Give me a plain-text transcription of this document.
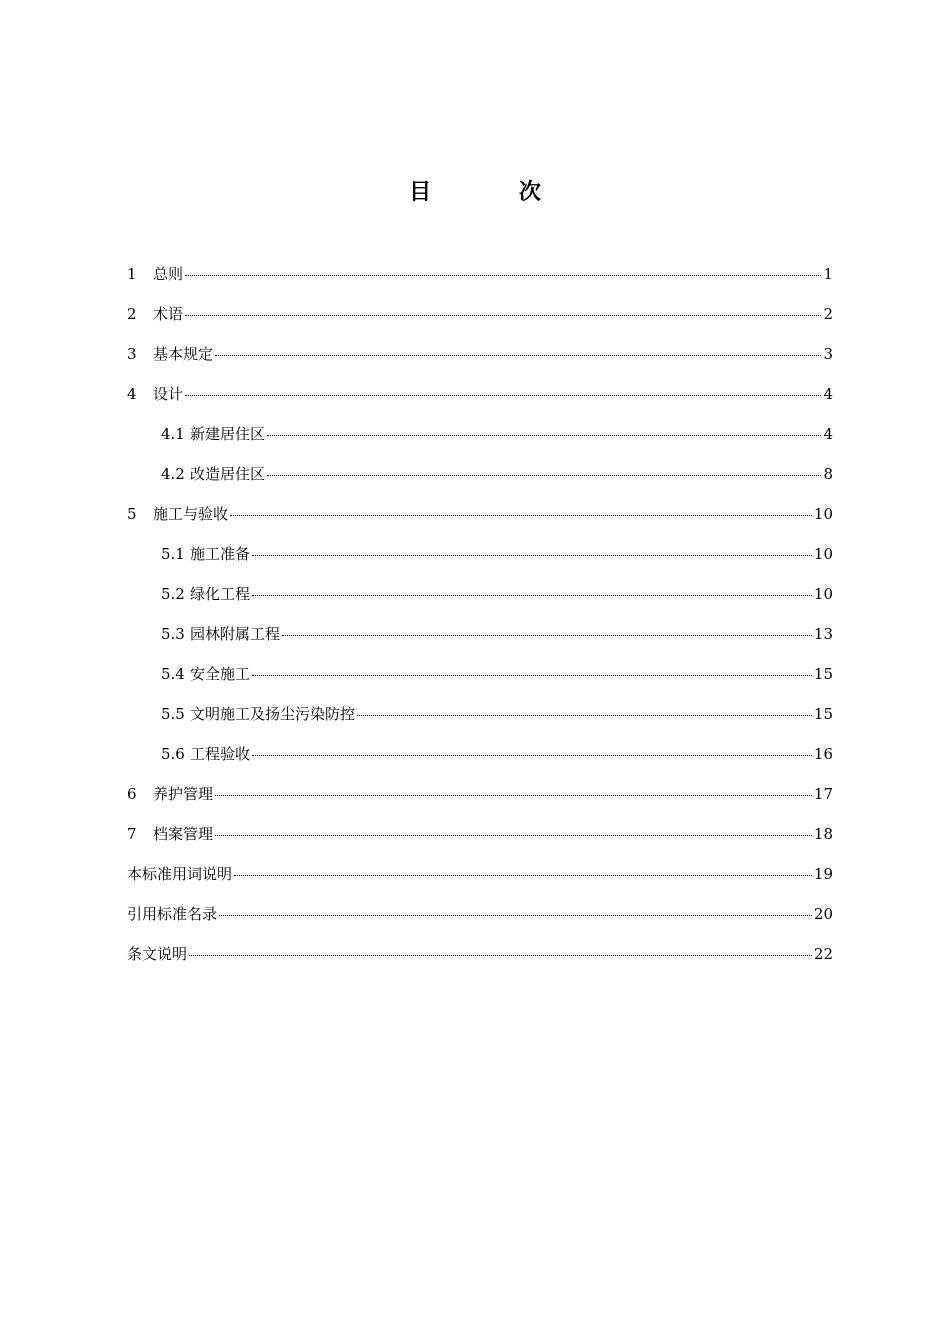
目 次
1	总则	1
2	术语	2
3	基本规定	3
4	设计	4
4.1 新建居住区	4
4.2 改造居住区	8
5	施工与验收	10
5.1 施工准备	10
5.2 绿化工程	10
5.3 园林附属工程	13
5.4 安全施工	15
5.5 文明施工及扬尘污染防控	15
5.6 工程验收	16
6	养护管理	17
7	档案管理	18
本标准用词说明	19
引用标准名录	20
条文说明	22
